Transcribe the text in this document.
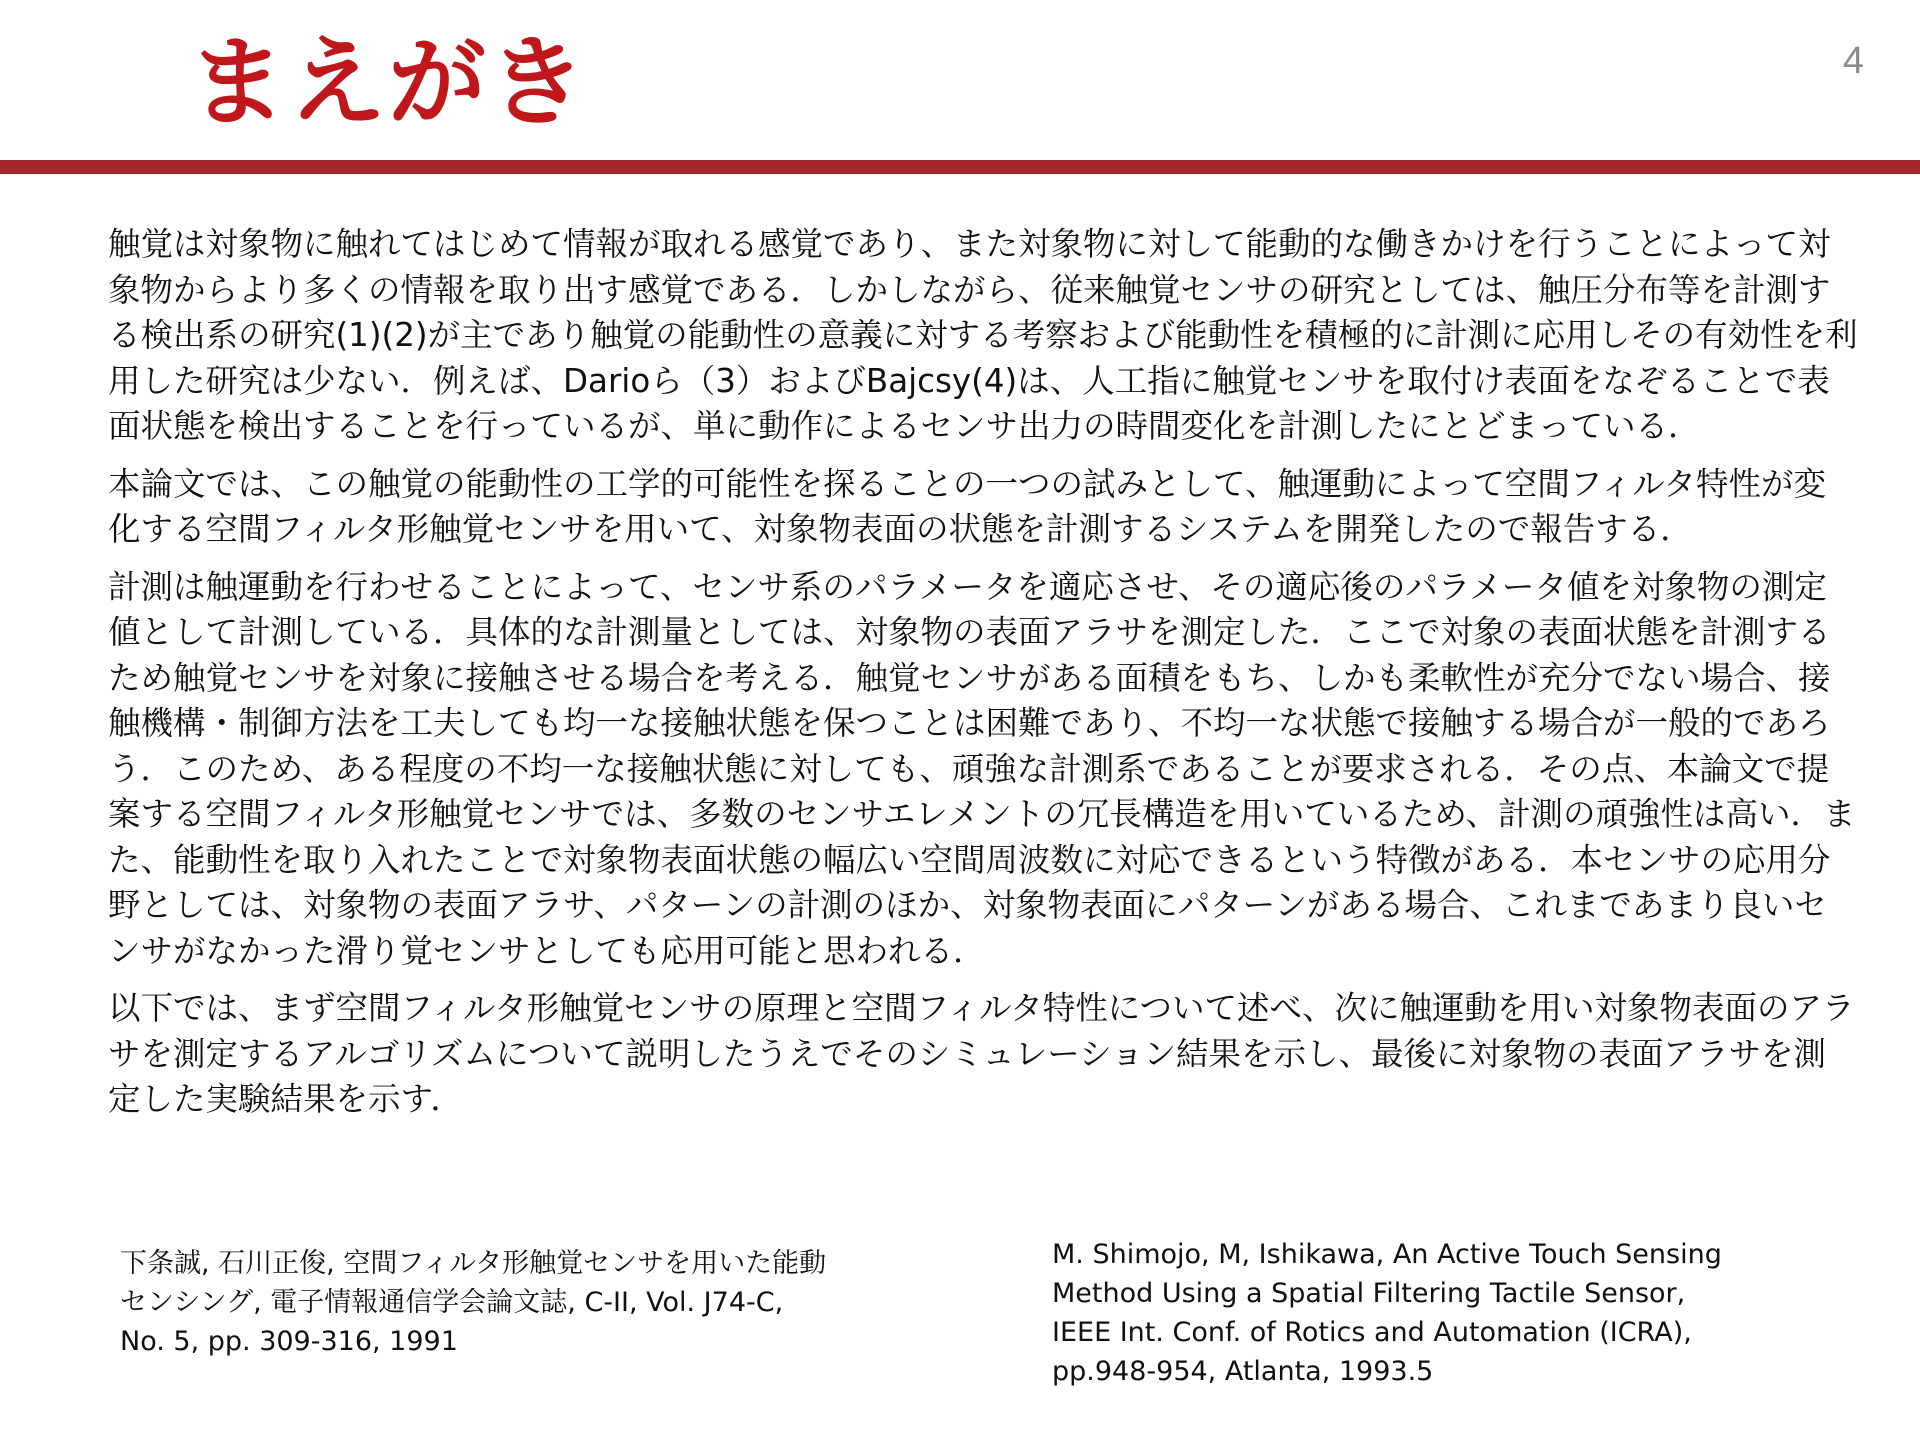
まえがき	4

触覚は対象物に触れてはじめて情報が取れる感覚であり、また対象物に対して能動的な働きかけを行うことによって対象物からより多くの情報を取り出す感覚である．しかしながら、従来触覚センサの研究としては、触圧分布等を計測する検出系の研究(1)(2)が主であり触覚の能動性の意義に対する考察および能動性を積極的に計測に応用しその有効性を利用した研究は少ない．例えば、Darioら（3）およびBajcsy(4)は、人工指に触覚センサを取付け表面をなぞることで表面状態を検出することを行っているが、単に動作によるセンサ出力の時間変化を計測したにとどまっている．

本論文では、この触覚の能動性の工学的可能性を探ることの一つの試みとして、触運動によって空間フィルタ特性が変化する空間フィルタ形触覚センサを用いて、対象物表面の状態を計測するシステムを開発したので報告する．

計測は触運動を行わせることによって、センサ系のパラメータを適応させ、その適応後のパラメータ値を対象物の測定値として計測している．具体的な計測量としては、対象物の表面アラサを測定した．ここで対象の表面状態を計測するため触覚センサを対象に接触させる場合を考える．触覚センサがある面積をもち、しかも柔軟性が充分でない場合、接触機構・制御方法を工夫しても均一な接触状態を保つことは困難であり、不均一な状態で接触する場合が一般的であろう．このため、ある程度の不均一な接触状態に対しても、頑強な計測系であることが要求される．その点、本論文で提案する空間フィルタ形触覚センサでは、多数のセンサエレメントの冗長構造を用いているため、計測の頑強性は高い．また、能動性を取り入れたことで対象物表面状態の幅広い空間周波数に対応できるという特徴がある．本センサの応用分野としては、対象物の表面アラサ、パターンの計測のほか、対象物表面にパターンがある場合、これまであまり良いセンサがなかった滑り覚センサとしても応用可能と思われる．

以下では、まず空間フィルタ形触覚センサの原理と空間フィルタ特性について述べ、次に触運動を用い対象物表面のアラサを測定するアルゴリズムについて説明したうえでそのシミュレーション結果を示し、最後に対象物の表面アラサを測定した実験結果を示す．

下条誠, 石川正俊, 空間フィルタ形触覚センサを用いた能動
センシング, 電子情報通信学会論文誌, C-II, Vol. J74-C,
No. 5, pp. 309-316, 1991

M. Shimojo, M, Ishikawa, An Active Touch Sensing
Method Using a Spatial Filtering Tactile Sensor,
IEEE Int. Conf. of Rotics and Automation (ICRA),
pp.948-954, Atlanta, 1993.5
